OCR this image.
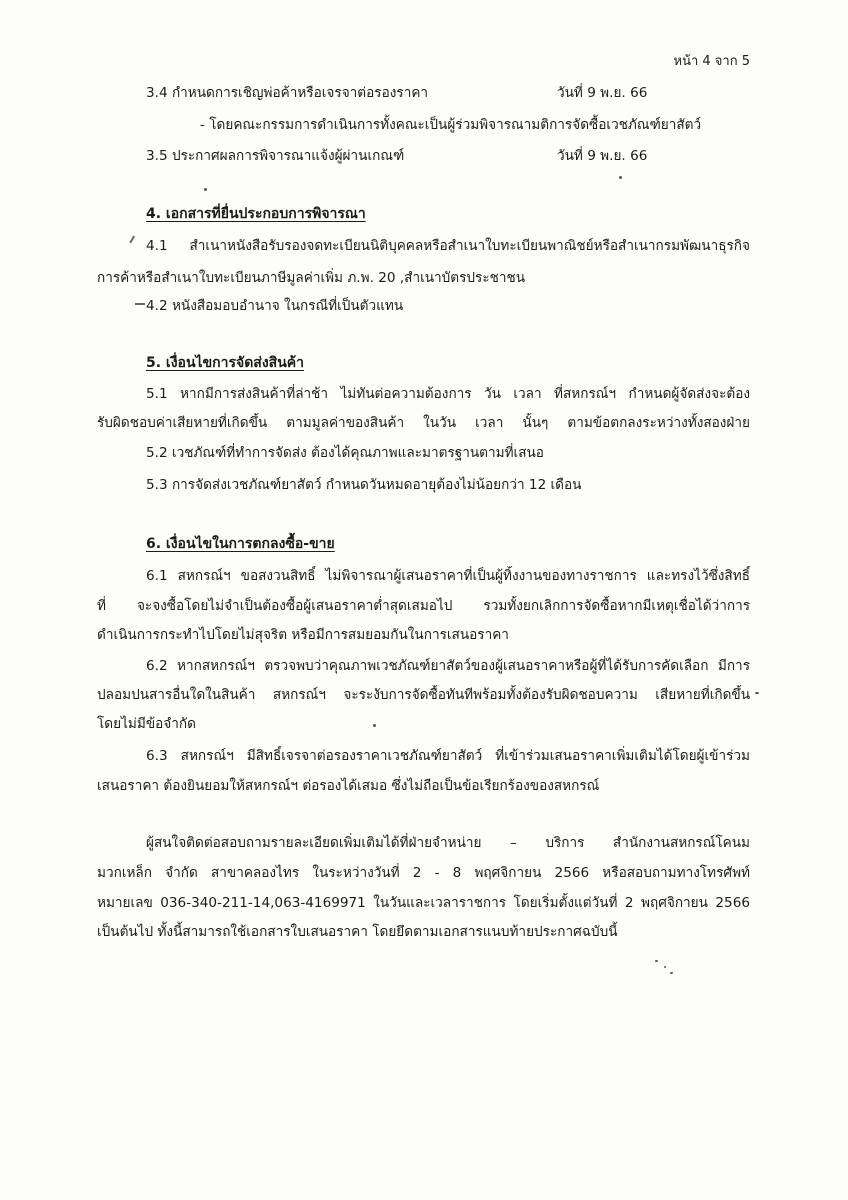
หน้า 4 จาก 5
3.4 กำหนดการเชิญพ่อค้าหรือเจรจาต่อรองราคา	วันที่ 9 พ.ย. 66
- โดยคณะกรรมการดำเนินการทั้งคณะเป็นผู้ร่วมพิจารณามติการจัดซื้อเวชภัณฑ์ยาสัตว์
3.5 ประกาศผลการพิจารณาแจ้งผู้ผ่านเกณฑ์	วันที่ 9 พ.ย. 66
4. เอกสารที่ยื่นประกอบการพิจารณา
4.1 สำเนาหนังสือรับรองจดทะเบียนนิติบุคคลหรือสำเนาใบทะเบียนพาณิชย์หรือสำเนากรมพัฒนาธุรกิจ
การค้าหรือสำเนาใบทะเบียนภาษีมูลค่าเพิ่ม ภ.พ. 20 ,สำเนาบัตรประชาชน
4.2 หนังสือมอบอำนาจ ในกรณีที่เป็นตัวแทน
5. เงื่อนไขการจัดส่งสินค้า
5.1 หากมีการส่งสินค้าที่ล่าช้า ไม่ทันต่อความต้องการ วัน เวลา ที่สหกรณ์ฯ กำหนดผู้จัดส่งจะต้อง
รับผิดชอบค่าเสียหายที่เกิดขึ้น ตามมูลค่าของสินค้า ในวัน เวลา นั้นๆ ตามข้อตกลงระหว่างทั้งสองฝ่าย
5.2 เวชภัณฑ์ที่ทำการจัดส่ง ต้องได้คุณภาพและมาตรฐานตามที่เสนอ
5.3 การจัดส่งเวชภัณฑ์ยาสัตว์ กำหนดวันหมดอายุต้องไม่น้อยกว่า 12 เดือน
6. เงื่อนไขในการตกลงซื้อ-ขาย
6.1 สหกรณ์ฯ ขอสงวนสิทธิ์ ไม่พิจารณาผู้เสนอราคาที่เป็นผู้ทิ้งงานของทางราชการ และทรงไว้ซึ่งสิทธิ์
ที่ จะจงซื้อโดยไม่จำเป็นต้องซื้อผู้เสนอราคาต่ำสุดเสมอไป รวมทั้งยกเลิกการจัดซื้อหากมีเหตุเชื่อได้ว่าการ
ดำเนินการกระทำไปโดยไม่สุจริต หรือมีการสมยอมกันในการเสนอราคา
6.2 หากสหกรณ์ฯ ตรวจพบว่าคุณภาพเวชภัณฑ์ยาสัตว์ของผู้เสนอราคาหรือผู้ที่ได้รับการคัดเลือก มีการ
ปลอมปนสารอื่นใดในสินค้า สหกรณ์ฯ จะระงับการจัดซื้อทันทีพร้อมทั้งต้องรับผิดชอบความ เสียหายที่เกิดขึ้น
โดยไม่มีข้อจำกัด
6.3 สหกรณ์ฯ มีสิทธิ์เจรจาต่อรองราคาเวชภัณฑ์ยาสัตว์ ที่เข้าร่วมเสนอราคาเพิ่มเติมได้โดยผู้เข้าร่วม
เสนอราคา ต้องยินยอมให้สหกรณ์ฯ ต่อรองได้เสมอ ซึ่งไม่ถือเป็นข้อเรียกร้องของสหกรณ์
ผู้สนใจติดต่อสอบถามรายละเอียดเพิ่มเติมได้ที่ฝ่ายจำหน่าย – บริการ สำนักงานสหกรณ์โคนม
มวกเหล็ก จำกัด สาขาคลองไทร ในระหว่างวันที่ 2 - 8 พฤศจิกายน 2566 หรือสอบถามทางโทรศัพท์
หมายเลข 036-340-211-14,063-4169971 ในวันและเวลาราชการ โดยเริ่มตั้งแต่วันที่ 2 พฤศจิกายน 2566
เป็นต้นไป ทั้งนี้สามารถใช้เอกสารใบเสนอราคา โดยยึดตามเอกสารแนบท้ายประกาศฉบับนี้
